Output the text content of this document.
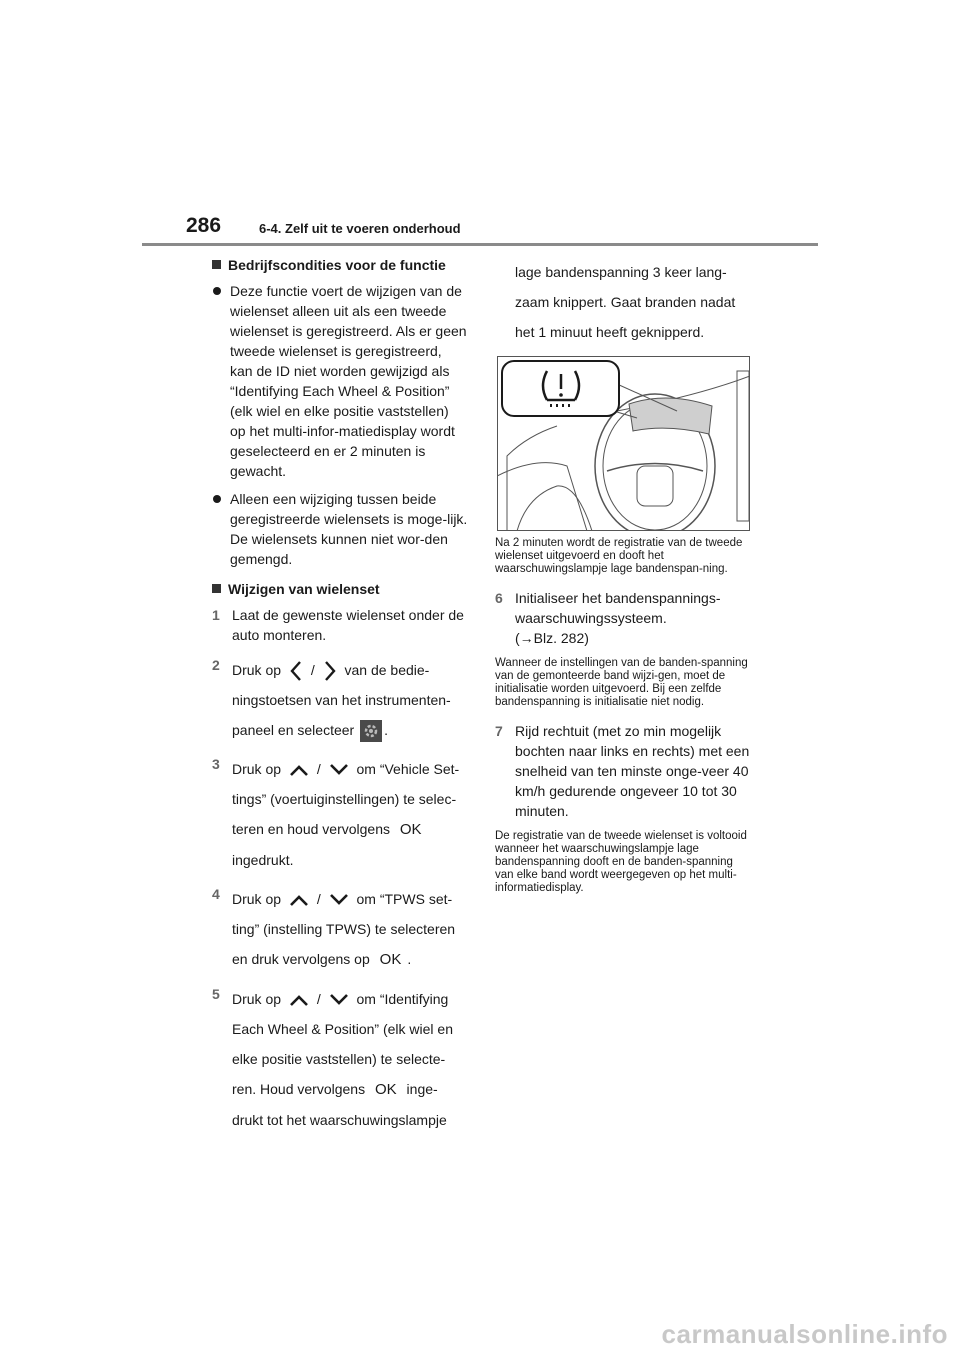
286	6-4. Zelf uit te voeren onderhoud
Bedrijfscondities voor de functie
Deze functie voert de wijzigen van de wielenset alleen uit als een tweede wielenset is geregistreerd. Als er geen tweede wielenset is geregistreerd, kan de ID niet worden gewijzigd als “Identifying Each Wheel & Position” (elk wiel en elke positie vaststellen) op het multi-infor-matiedisplay wordt geselecteerd en er 2 minuten is gewacht.
Alleen een wijziging tussen beide geregistreerde wielensets is moge-lijk. De wielensets kunnen niet wor-den gemengd.
Wijzigen van wielenset
1 Laat de gewenste wielenset onder de auto monteren.

2 Druk op / van de bedie-ningstoetsen van het instrumenten-paneel en selecteer .

3 Druk op	/	om “Vehicle Set-tings” (voertuiginstellingen) te selec-teren en houd vervolgens OK
ingedrukt.

4 Druk op	/	om “TPWS set-ting” (instelling TPWS) te selecteren en druk vervolgens op OK .

5 Druk op	/	om “Identifying Each Wheel & Position” (elk wiel en elke positie vaststellen) te selecte-ren. Houd vervolgens OK inge-drukt tot het waarschuwingslampje

lage bandenspanning 3 keer lang-zaam knippert. Gaat branden nadat het 1 minuut heeft geknipperd.

Na 2 minuten wordt de registratie van de tweede wielenset uitgevoerd en dooft het waarschuwingslampje lage bandenspan-ning.
6 Initialiseer het bandenspannings-waarschuwingssysteem.
(→Blz. 282)

Wanneer de instellingen van de banden-spanning van de gemonteerde band wijzi-gen, moet de initialisatie worden uitgevoerd. Bij een zelfde bandenspanning is initialisatie niet nodig.
7 Rijd rechtuit (met zo min mogelijk bochten naar links en rechts) met een snelheid van ten minste onge-veer 40 km/h gedurende ongeveer 10 tot 30 minuten.

De registratie van de tweede wielenset is voltooid wanneer het waarschuwingslampje lage bandenspanning dooft en de banden-spanning van elke band wordt weergegeven op het multi-informatiedisplay.
carmanualsonline.info
